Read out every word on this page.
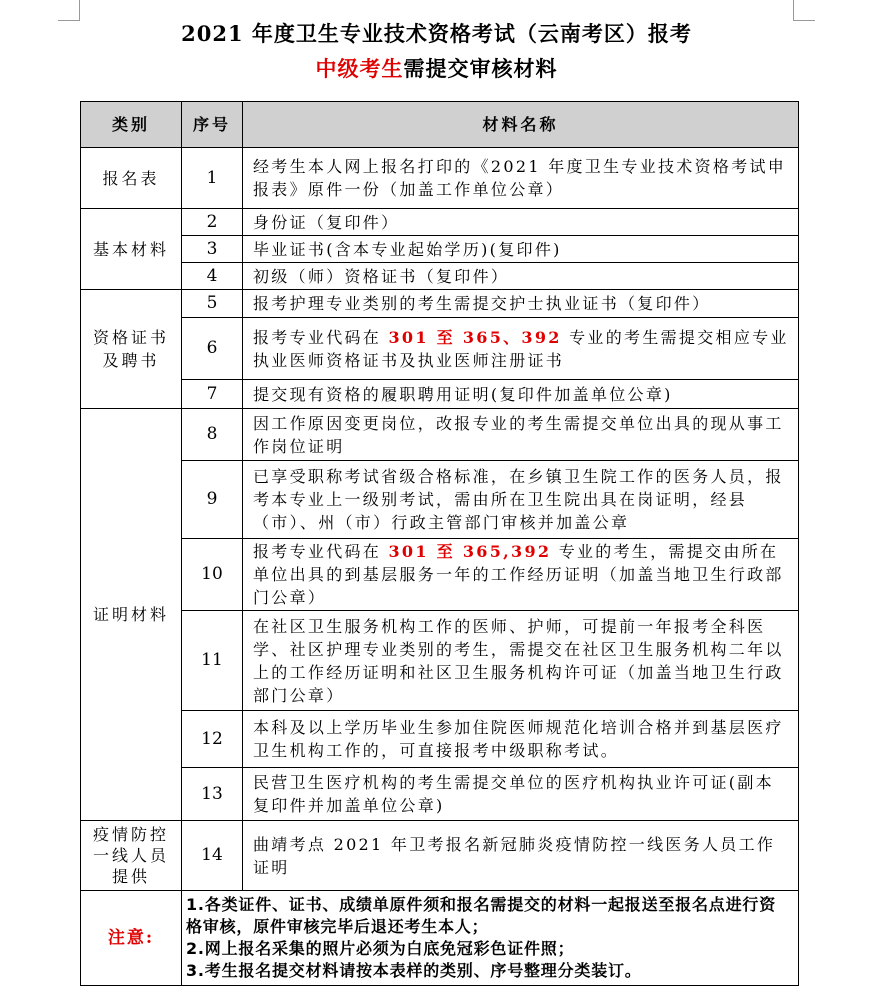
2021 年度卫生专业技术资格考试（云南考区）报考
中级考生需提交审核材料
类别	序号	材料名称
报名表	1	经考生本人网上报名打印的《2021 年度卫生专业技术资格考试申报表》原件一份（加盖工作单位公章）
基本材料	2	身份证（复印件）
	3	毕业证书(含本专业起始学历)(复印件)
	4	初级（师）资格证书（复印件）

资格证书
及聘书	5	报考护理专业类别的考生需提交护士执业证书（复印件）
	6	报考专业代码在 301 至 365、392 专业的考生需提交相应专业执业医师资格证书及执业医师注册证书
	7	提交现有资格的履职聘用证明(复印件加盖单位公章)
证明材料	8	因工作原因变更岗位，改报专业的考生需提交单位出具的现从事工作岗位证明
	9	已享受职称考试省级合格标准，在乡镇卫生院工作的医务人员，报考本专业上一级别考试，需由所在卫生院出具在岗证明，经县（市）、州（市）行政主管部门审核并加盖公章
	10	报考专业代码在 301 至 365,392 专业的考生，需提交由所在单位出具的到基层服务一年的工作经历证明（加盖当地卫生行政部门公章）
	11	在社区卫生服务机构工作的医师、护师，可提前一年报考全科医学、社区护理专业类别的考生，需提交在社区卫生服务机构二年以上的工作经历证明和社区卫生服务机构许可证（加盖当地卫生行政部门公章）
	12	本科及以上学历毕业生参加住院医师规范化培训合格并到基层医疗卫生机构工作的，可直接报考中级职称考试。
	13	民营卫生医疗机构的考生需提交单位的医疗机构执业许可证(副本复印件并加盖单位公章)

疫情防控
一线人员
提供	14	曲靖考点 2021 年卫考报名新冠肺炎疫情防控一线医务人员工作证明
注意:	1.各类证件、证书、成绩单原件须和报名需提交的材料一起报送至报名点进行资格审核，原件审核完毕后退还考生本人；
2.网上报名采集的照片必须为白底免冠彩色证件照；
3.考生报名提交材料请按本表样的类别、序号整理分类装订。	
